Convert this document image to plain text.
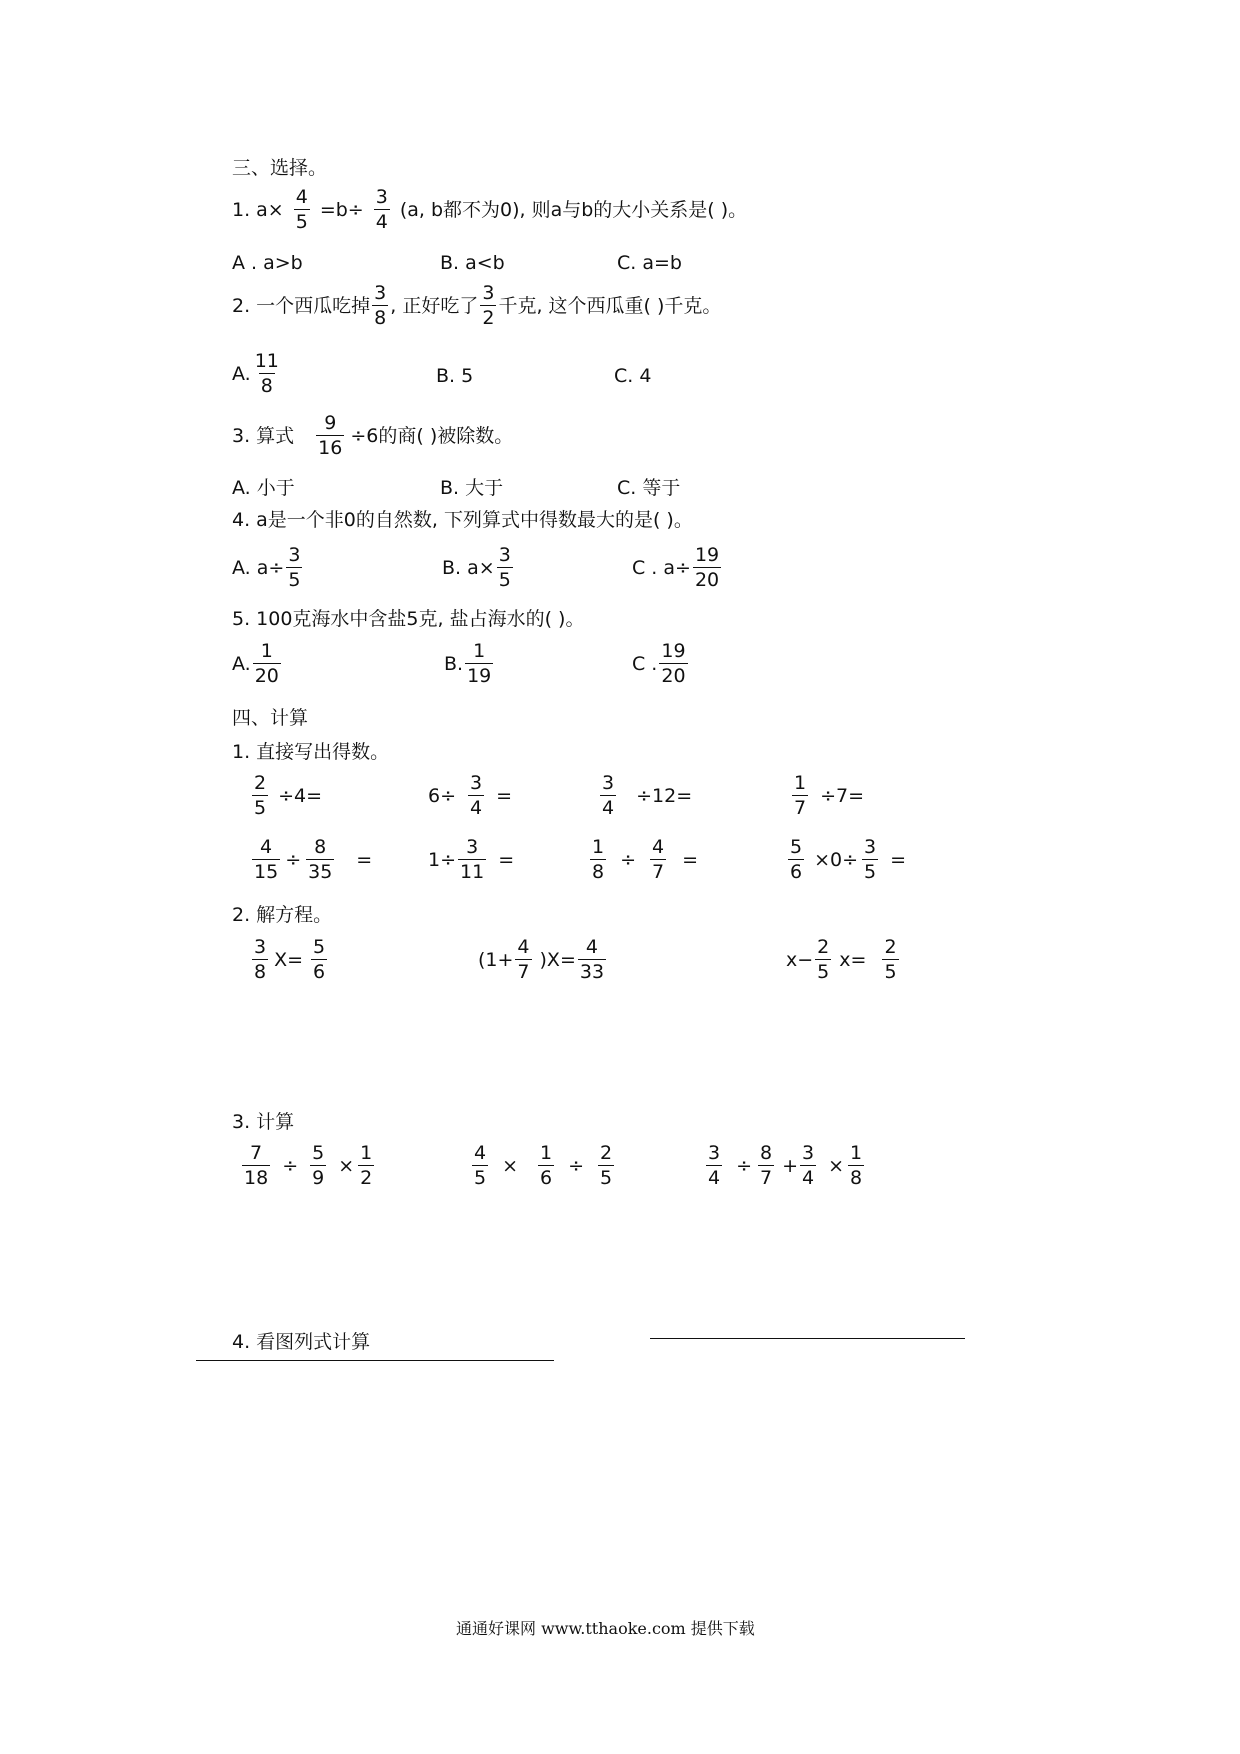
三、选择。
1. $a\times \frac{4}{5} =b\div \frac{3}{4} (a$, b都不为0), 则a与b的大小关系是( )。
A . a>b	B. a<b	C. a=b
2. 一个西瓜吃掉 $\frac{3}{8}$ , 正好吃了 $\frac{3}{2}$ 千克, 这个西瓜重( )千克。
A. $\frac{11}{8}$	B. 5	C. 4
3. 算式 $\frac{9}{16} \div 6$的商( )被除数。
A. 小于	B. 大于	C. 等于
4. a是一个非0的自然数, 下列算式中得数最大的是( )。
A. $a\div \frac{3}{5}$	B. $a\times \frac{3}{5}$	C . $a\div \frac{19}{20}$
5. 100克海水中含盐5克, 盐占海水的( )。
A. $\frac{1}{20}$	B. $\frac{1}{19}$	C . $\frac{19}{20}$
四、计算
1. 直接写出得数。
$\frac{2}{5} \div 4=$	$6\div \frac{3}{4}$ =	$\frac{3}{4} \div 12=$	$\frac{1}{7} \div 7=$
$\frac{4}{15} \div \frac{8}{35}$ =	$1\div \frac{3}{11}$ =	$\frac{1}{8} \div \frac{4}{7}$ =	$\frac{5}{6} \times 0\div \frac{3}{5}$ =
2. 解方程。
$\frac{3}{8} X= \frac{5}{6}$	$(1+ \frac{4}{7} )X= \frac{4}{33}$	$x- \frac{2}{5} x= \frac{2}{5}$
3. 计算
$\frac{7}{18} \div \frac{5}{9} \times \frac{1}{2}$	$\frac{4}{5} \times \frac{1}{6} \div \frac{2}{5}$	$\frac{3}{4} \div \frac{8}{7} + \frac{3}{4} \times \frac{1}{8}$
4. 看图列式计算
通通好课网 www.tthaoke.com 提供下载
